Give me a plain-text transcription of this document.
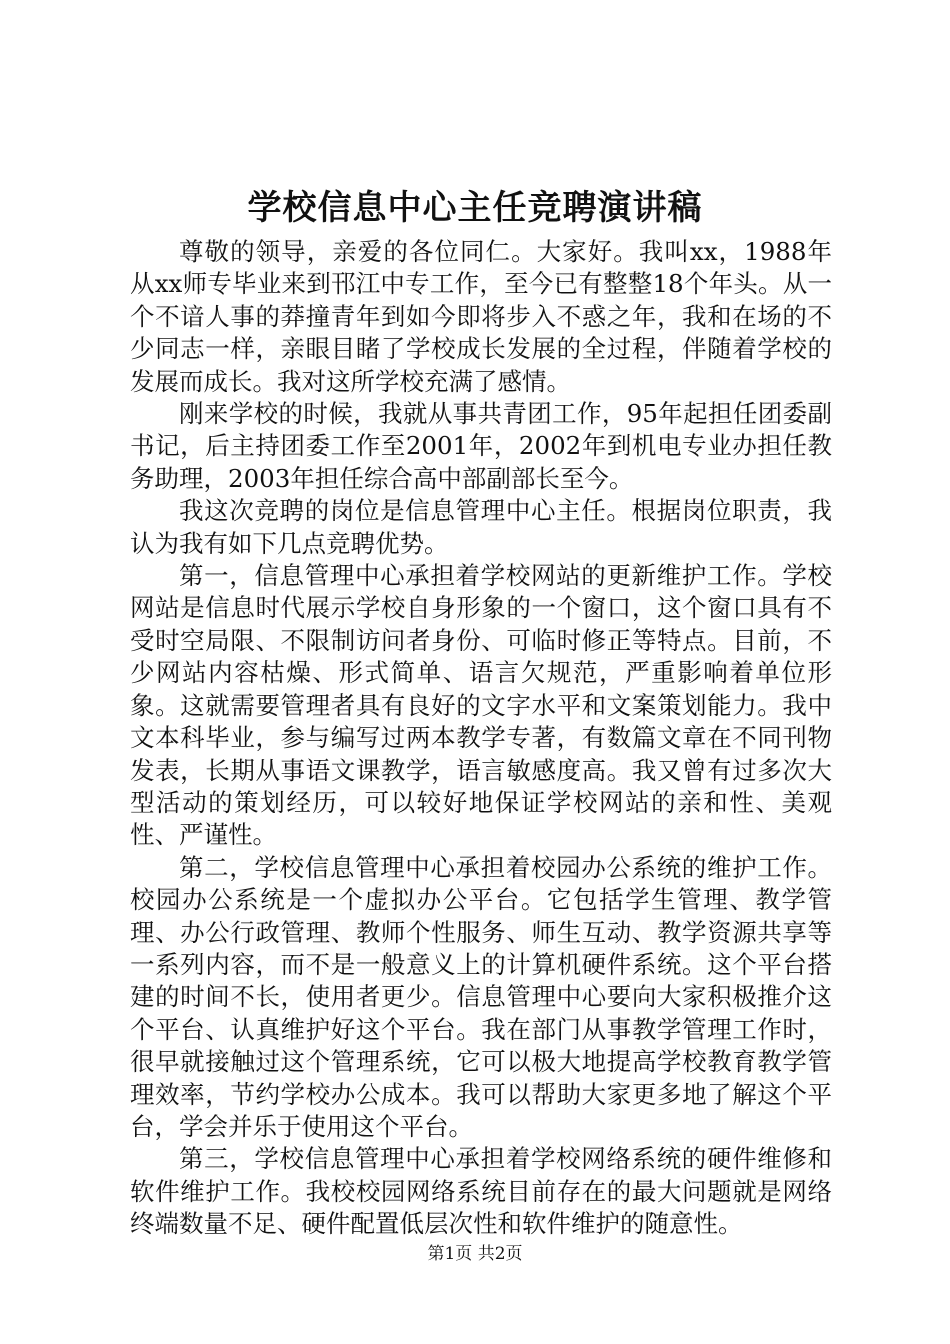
学校信息中心主任竞聘演讲稿

尊敬的领导，亲爱的各位同仁。大家好。我叫xx，1988年从xx师专毕业来到邗江中专工作，至今已有整整18个年头。从一个不谙人事的莽撞青年到如今即将步入不惑之年，我和在场的不少同志一样，亲眼目睹了学校成长发展的全过程，伴随着学校的发展而成长。我对这所学校充满了感情。

刚来学校的时候，我就从事共青团工作，95年起担任团委副书记，后主持团委工作至2001年，2002年到机电专业办担任教务助理，2003年担任综合高中部副部长至今。

我这次竞聘的岗位是信息管理中心主任。根据岗位职责，我认为我有如下几点竞聘优势。

第一，信息管理中心承担着学校网站的更新维护工作。学校网站是信息时代展示学校自身形象的一个窗口，这个窗口具有不受时空局限、不限制访问者身份、可临时修正等特点。目前，不少网站内容枯燥、形式简单、语言欠规范，严重影响着单位形象。这就需要管理者具有良好的文字水平和文案策划能力。我中文本科毕业，参与编写过两本教学专著，有数篇文章在不同刊物发表，长期从事语文课教学，语言敏感度高。我又曾有过多次大型活动的策划经历，可以较好地保证学校网站的亲和性、美观性、严谨性。

第二，学校信息管理中心承担着校园办公系统的维护工作。校园办公系统是一个虚拟办公平台。它包括学生管理、教学管理、办公行政管理、教师个性服务、师生互动、教学资源共享等一系列内容，而不是一般意义上的计算机硬件系统。这个平台搭建的时间不长，使用者更少。信息管理中心要向大家积极推介这个平台、认真维护好这个平台。我在部门从事教学管理工作时，很早就接触过这个管理系统，它可以极大地提高学校教育教学管理效率，节约学校办公成本。我可以帮助大家更多地了解这个平台，学会并乐于使用这个平台。

第三，学校信息管理中心承担着学校网络系统的硬件维修和软件维护工作。我校校园网络系统目前存在的最大问题就是网络终端数量不足、硬件配置低层次性和软件维护的随意性。

第1页 共2页
